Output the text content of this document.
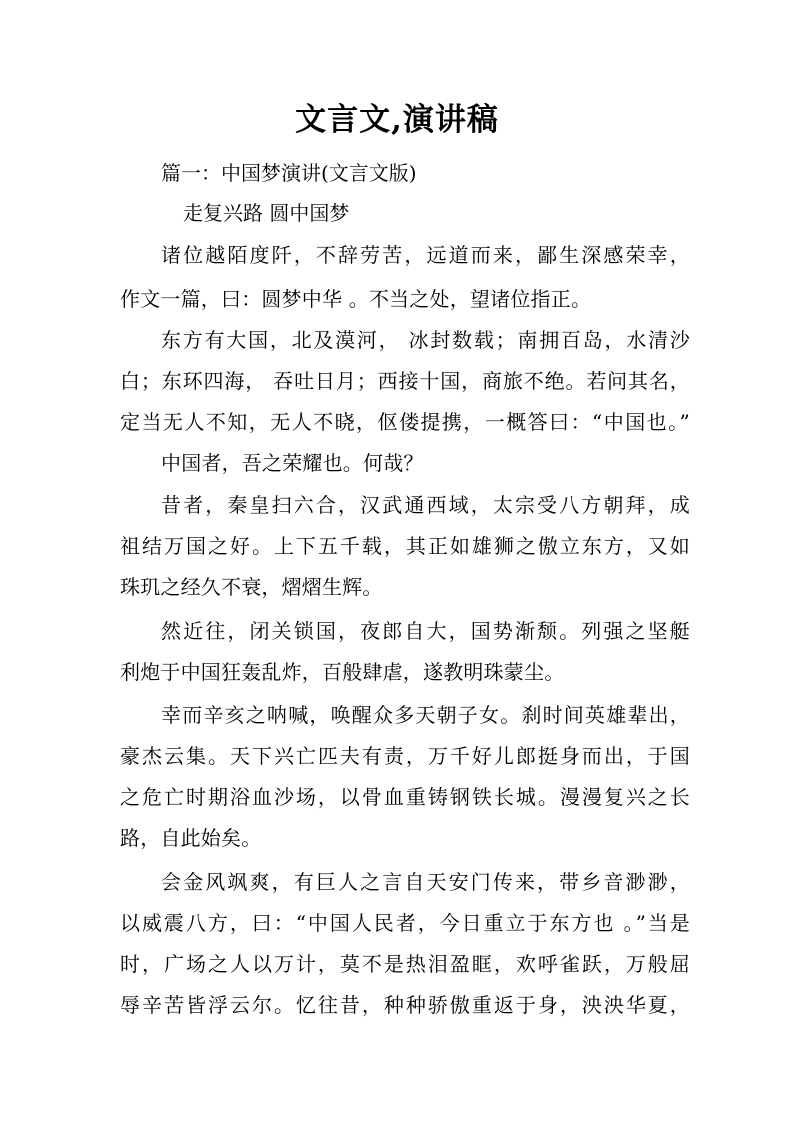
文言文,演讲稿
篇一：中国梦演讲(文言文版)
走复兴路 圆中国梦
诸位越陌度阡，不辞劳苦，远道而来，鄙生深感荣幸，
作文一篇，曰：圆梦中华 。不当之处，望诸位指正。
东方有大国，北及漠河， 冰封数载；南拥百岛，水清沙
白；东环四海， 吞吐日月；西接十国，商旅不绝。若问其名，
定当无人不知，无人不晓，伛偻提携，一概答曰：“中国也。”
中国者，吾之荣耀也。何哉？
昔者，秦皇扫六合，汉武通西域，太宗受八方朝拜，成
祖结万国之好。上下五千载，其正如雄狮之傲立东方，又如
珠玑之经久不衰，熠熠生辉。
然近往，闭关锁国，夜郎自大，国势渐颓。列强之坚艇
利炮于中国狂轰乱炸，百般肆虐，遂教明珠蒙尘。
幸而辛亥之呐喊，唤醒众多天朝子女。刹时间英雄辈出，
豪杰云集。天下兴亡匹夫有责，万千好儿郎挺身而出，于国
之危亡时期浴血沙场，以骨血重铸钢铁长城。漫漫复兴之长
路，自此始矣。
会金风飒爽，有巨人之言自天安门传来，带乡音渺渺，
以威震八方，曰：“中国人民者，今日重立于东方也 。”当是
时，广场之人以万计，莫不是热泪盈眶，欢呼雀跃，万般屈
辱辛苦皆浮云尔。忆往昔，种种骄傲重返于身，泱泱华夏，
